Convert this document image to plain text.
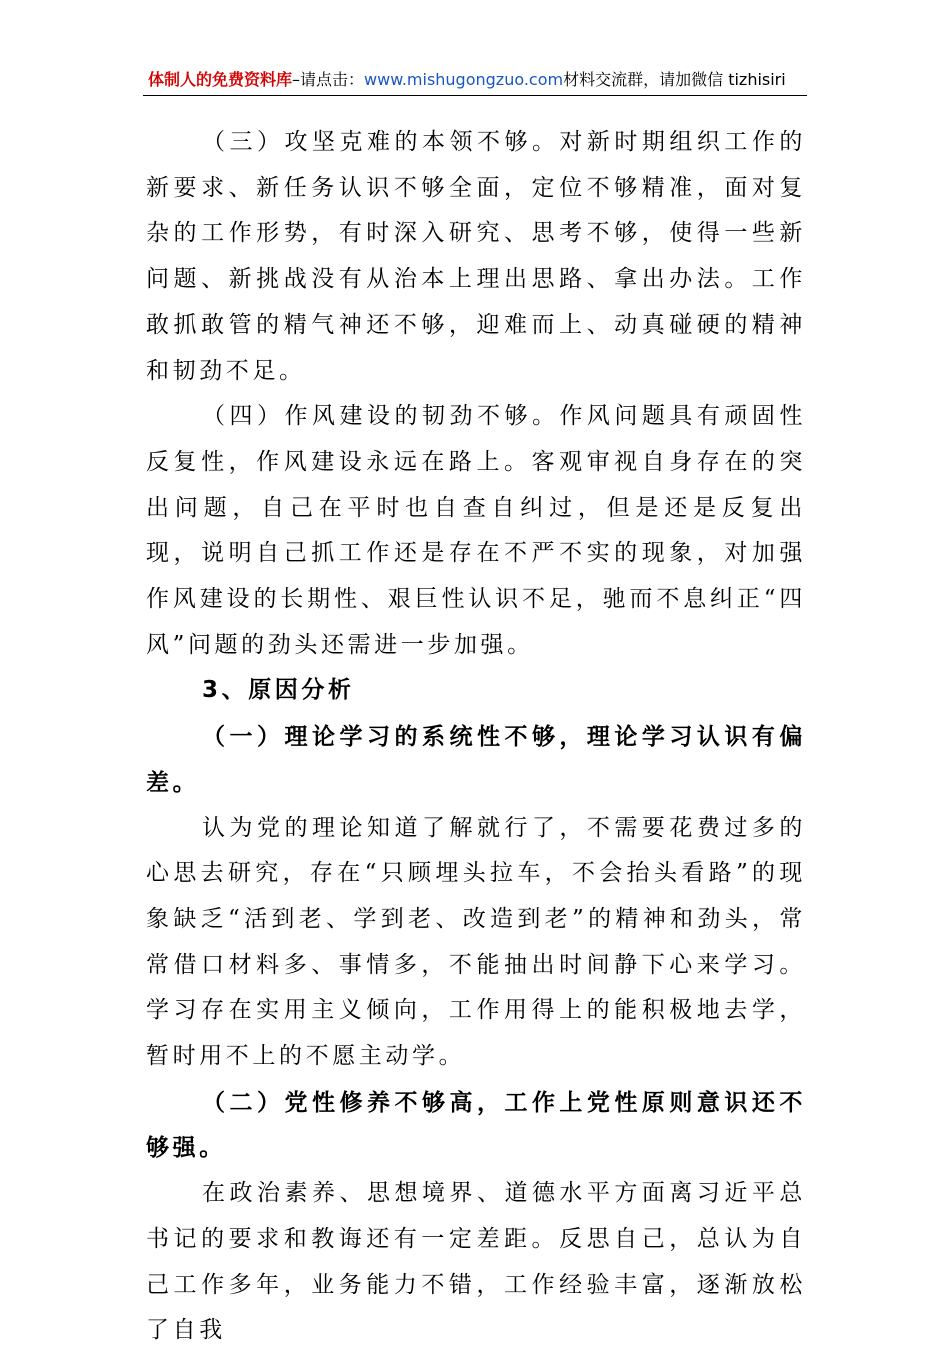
体制人的免费资料库–请点击：www.mishugongzuo.com材料交流群，请加微信 tizhisiri

（三）攻坚克难的本领不够。对新时期组织工作的新要求、新任务认识不够全面，定位不够精准，面对复杂的工作形势，有时深入研究、思考不够，使得一些新问题、新挑战没有从治本上理出思路、拿出办法。工作敢抓敢管的精气神还不够，迎难而上、动真碰硬的精神和韧劲不足。

（四）作风建设的韧劲不够。作风问题具有顽固性反复性，作风建设永远在路上。客观审视自身存在的突出问题，自己在平时也自查自纠过，但是还是反复出现，说明自己抓工作还是存在不严不实的现象，对加强作风建设的长期性、艰巨性认识不足，驰而不息纠正“四风”问题的劲头还需进一步加强。

3、原因分析

（一）理论学习的系统性不够，理论学习认识有偏差。

认为党的理论知道了解就行了，不需要花费过多的心思去研究，存在“只顾埋头拉车，不会抬头看路”的现象缺乏“活到老、学到老、改造到老”的精神和劲头，常常借口材料多、事情多，不能抽出时间静下心来学习。学习存在实用主义倾向，工作用得上的能积极地去学，暂时用不上的不愿主动学。

（二）党性修养不够高，工作上党性原则意识还不够强。

在政治素养、思想境界、道德水平方面离习近平总书记的要求和教诲还有一定差距。反思自己，总认为自己工作多年，业务能力不错，工作经验丰富，逐渐放松了自我
